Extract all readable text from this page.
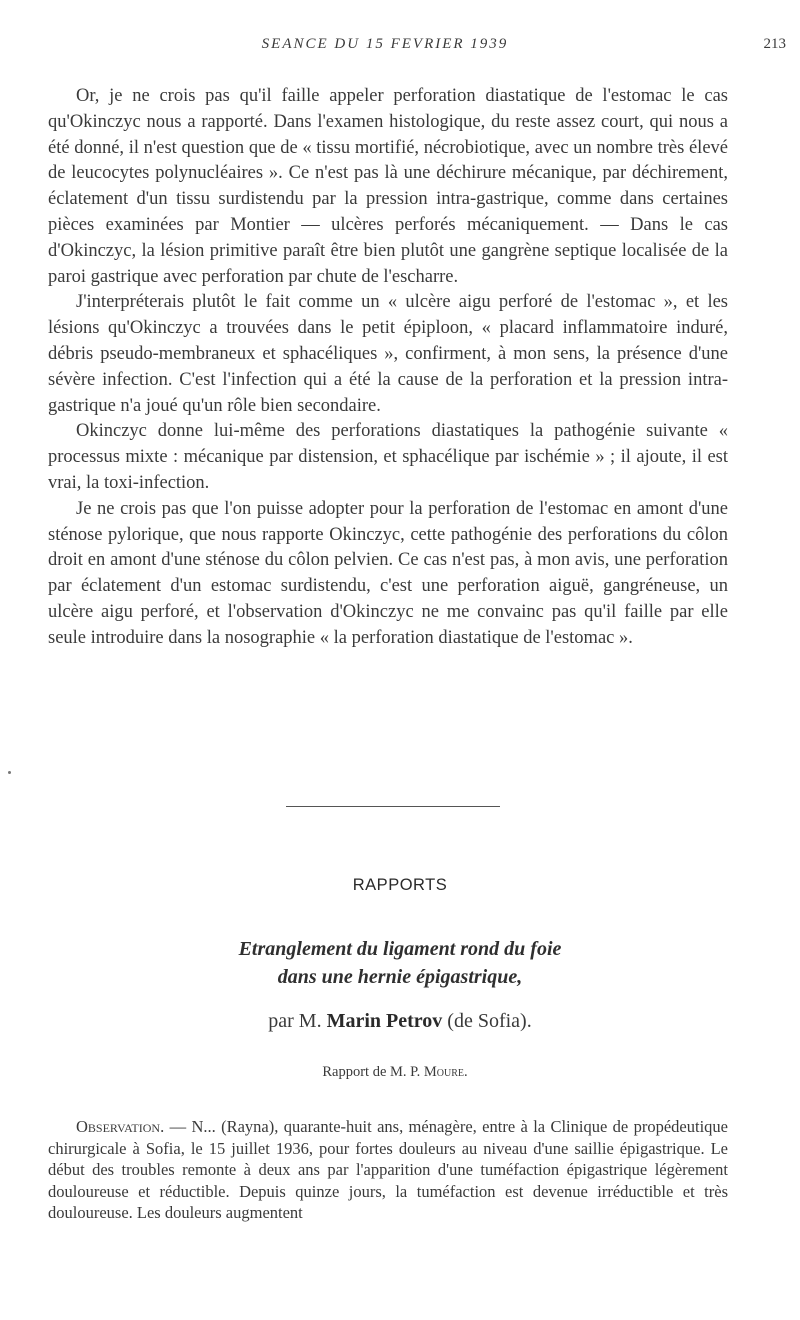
SEANCE DU 15 FEVRIER 1939	213

Or, je ne crois pas qu'il faille appeler perforation diastatique de l'estomac le cas qu'Okinczyc nous a rapporté. Dans l'examen histologique, du reste assez court, qui nous a été donné, il n'est question que de « tissu mortifié, nécrobiotique, avec un nombre très élevé de leucocytes polynucléaires ». Ce n'est pas là une déchirure mécanique, par déchirement, éclatement d'un tissu surdistendu par la pression intra-gastrique, comme dans certaines pièces examinées par Montier — ulcères perforés mécaniquement. — Dans le cas d'Okinczyc, la lésion primitive paraît être bien plutôt une gangrène septique localisée de la paroi gastrique avec perforation par chute de l'escharre.

J'interpréterais plutôt le fait comme un « ulcère aigu perforé de l'estomac », et les lésions qu'Okinczyc a trouvées dans le petit épiploon, « placard inflammatoire induré, débris pseudo-membraneux et sphacéliques », confirment, à mon sens, la présence d'une sévère infection. C'est l'infection qui a été la cause de la perforation et la pression intra-gastrique n'a joué qu'un rôle bien secondaire.

Okinczyc donne lui-même des perforations diastatiques la pathogénie suivante « processus mixte : mécanique par distension, et sphacélique par ischémie » ; il ajoute, il est vrai, la toxi-infection.

Je ne crois pas que l'on puisse adopter pour la perforation de l'estomac en amont d'une sténose pylorique, que nous rapporte Okinczyc, cette pathogénie des perforations du côlon droit en amont d'une sténose du côlon pelvien. Ce cas n'est pas, à mon avis, une perforation par éclatement d'un estomac surdistendu, c'est une perforation aiguë, gangréneuse, un ulcère aigu perforé, et l'observation d'Okinczyc ne me convainc pas qu'il faille par elle seule introduire dans la nosographie « la perforation diastatique de l'estomac ».

RAPPORTS
Etranglement du ligament rond du foie
dans une hernie épigastrique,
par M. Marin Petrov (de Sofia).
Rapport de M. P. Moure.

Observation. — N... (Rayna), quarante-huit ans, ménagère, entre à la Clinique de propédeutique chirurgicale à Sofia, le 15 juillet 1936, pour fortes douleurs au niveau d'une saillie épigastrique. Le début des troubles remonte à deux ans par l'apparition d'une tuméfaction épigastrique légèrement douloureuse et réductible. Depuis quinze jours, la tuméfaction est devenue irréductible et très douloureuse. Les douleurs augmentent
